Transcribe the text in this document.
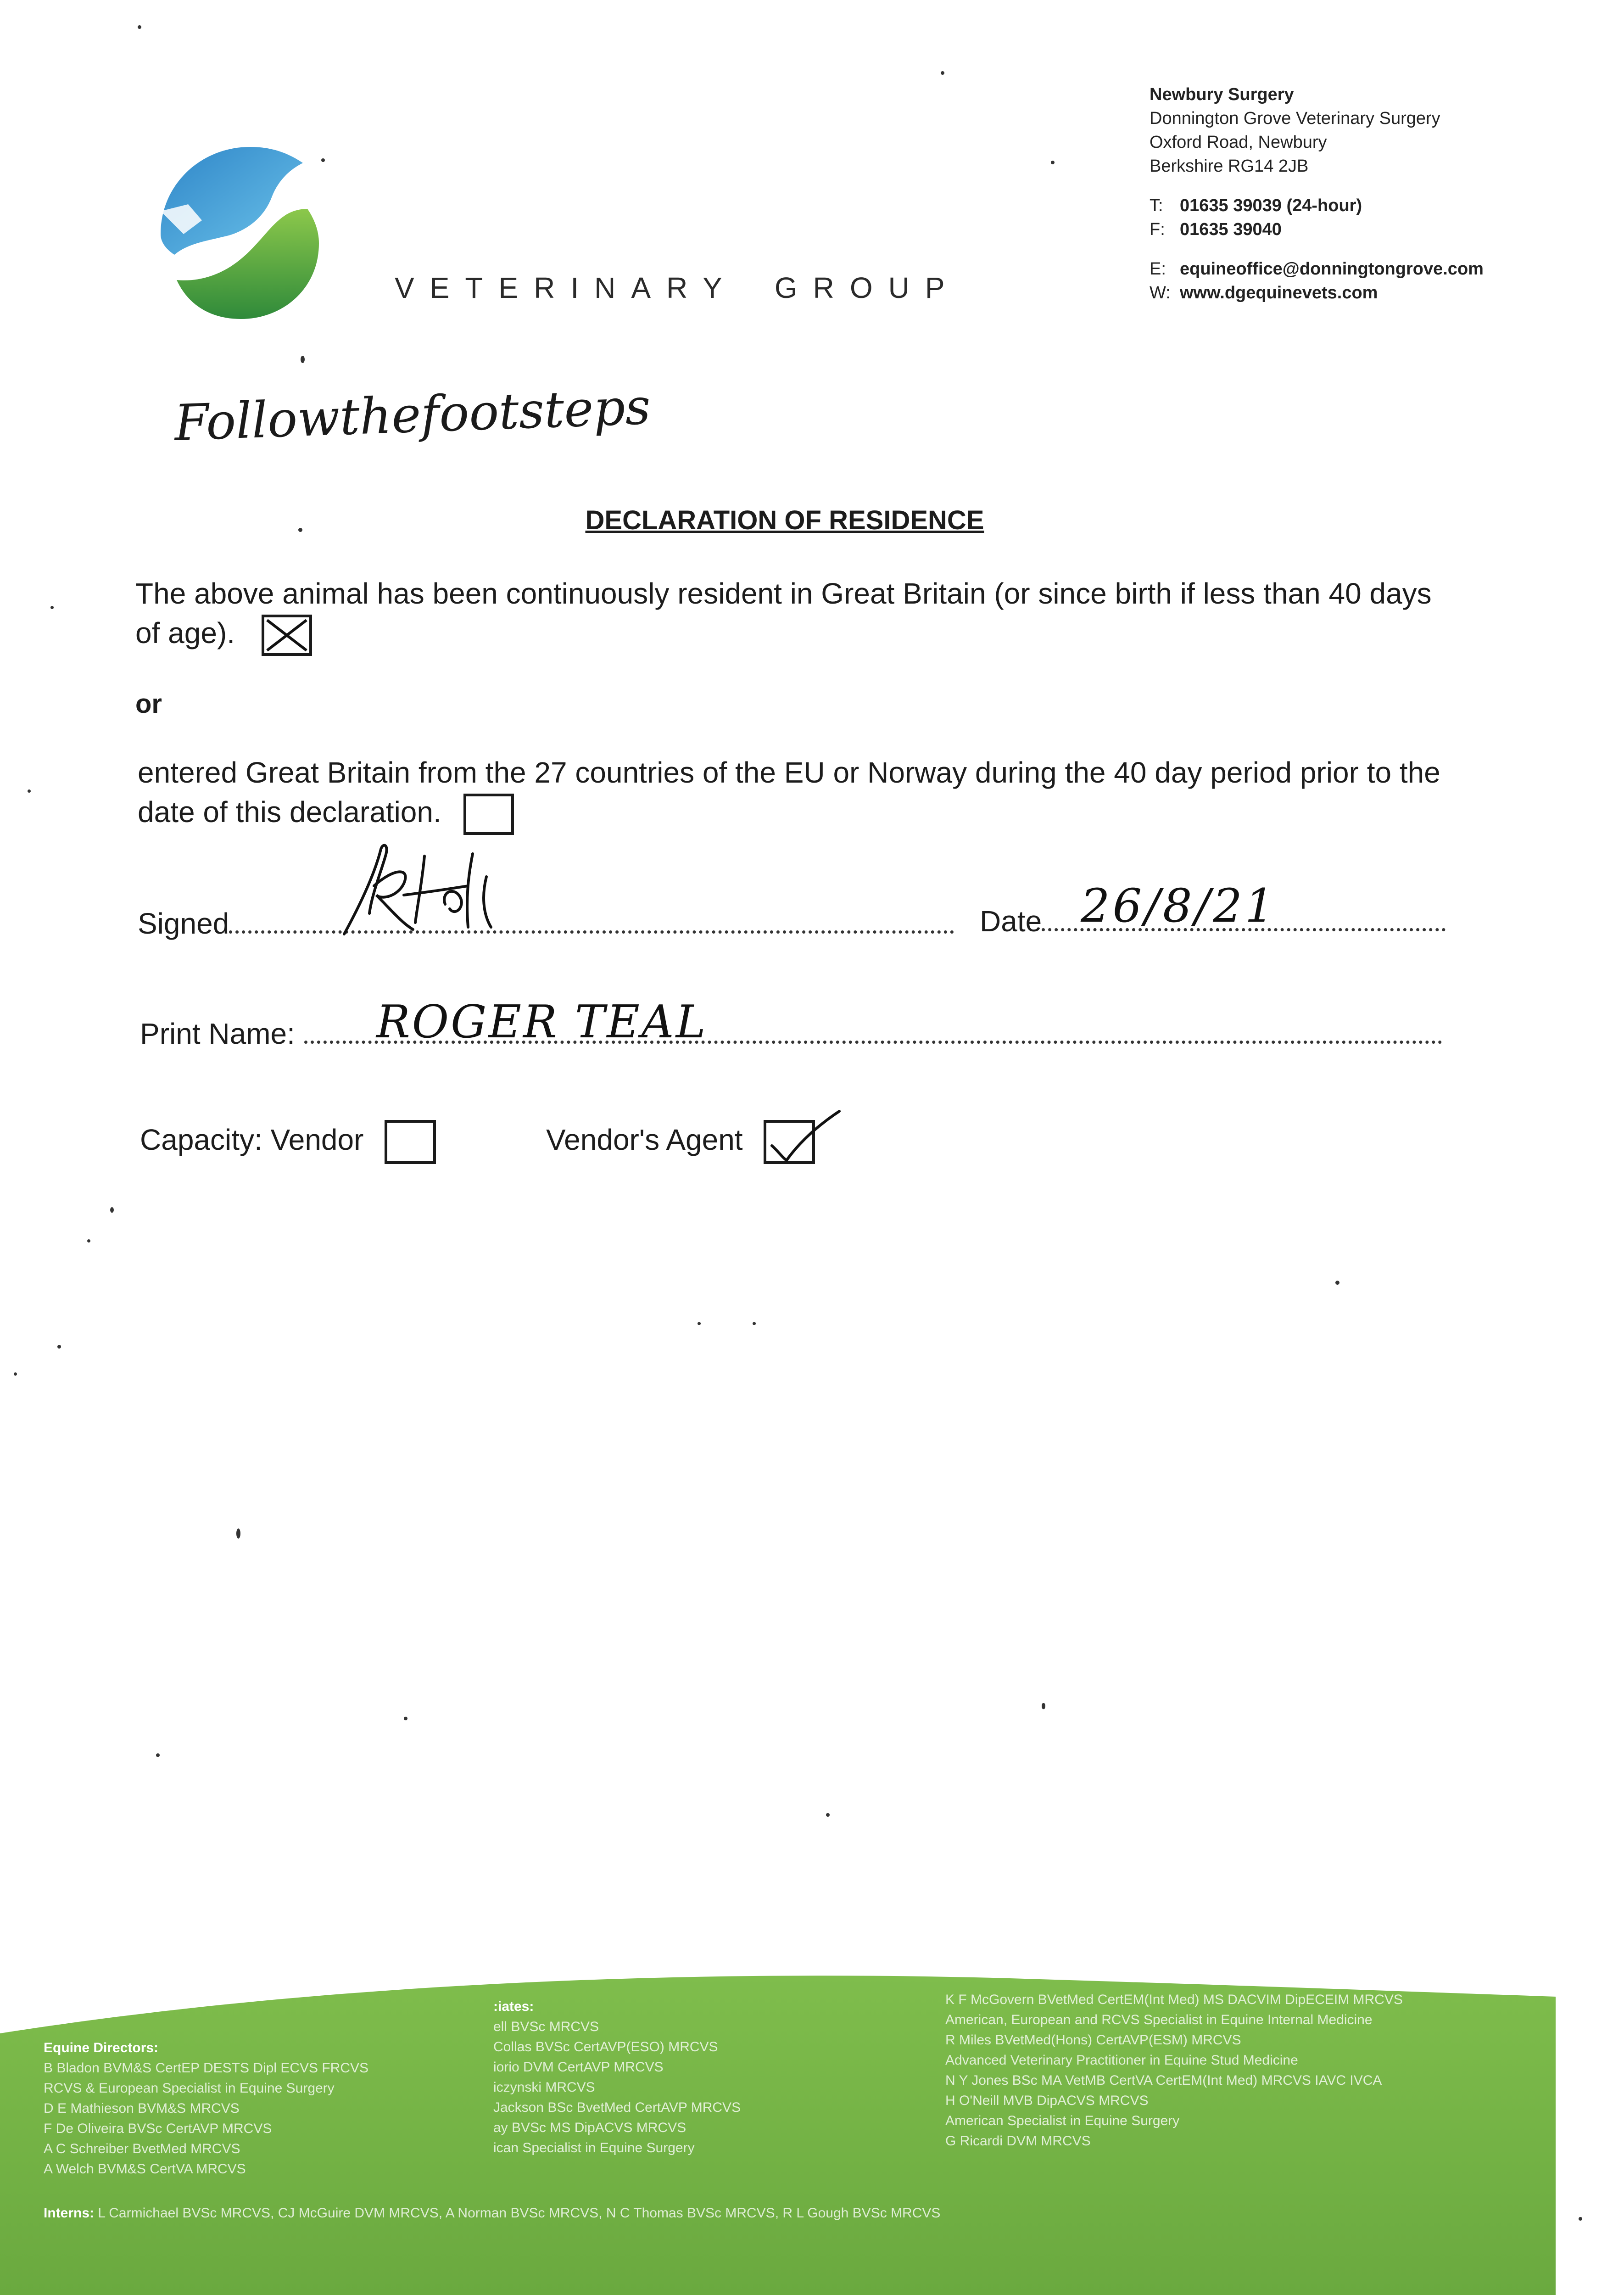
VETERINARY GROUP
Newbury Surgery
Donnington Grove Veterinary Surgery
Oxford Road, Newbury
Berkshire RG14 2JB
T: 01635 39039 (24-hour)
F: 01635 39040
E: equineoffice@donningtongrove.com
W: www.dgequinevets.com
Followthefootsteps
DECLARATION OF RESIDENCE
The above animal has been continuously resident in Great Britain (or since birth if less than 40 days of age).
or
entered Great Britain from the 27 countries of the EU or Norway during the 40 day period prior to the date of this declaration.
Signed	Date 26/8/21
Print Name:	ROGER TEAL
Capacity: Vendor	Vendor's Agent
Equine Directors:
B Bladon BVM&S CertEP DESTS Dipl ECVS FRCVS
RCVS & European Specialist in Equine Surgery
D E Mathieson BVM&S MRCVS
F De Oliveira BVSc CertAVP MRCVS
A C Schreiber BvetMed MRCVS
A Welch BVM&S CertVA MRCVS
:iates:
ell BVSc MRCVS
Collas BVSc CertAVP(ESO) MRCVS
iorio DVM CertAVP MRCVS
iczynski MRCVS
Jackson BSc BvetMed CertAVP MRCVS
ay BVSc MS DipACVS MRCVS
ican Specialist in Equine Surgery
K F McGovern BVetMed CertEM(Int Med) MS DACVIM DipECEIM MRCVS
American, European and RCVS Specialist in Equine Internal Medicine
R Miles BVetMed(Hons) CertAVP(ESM) MRCVS
Advanced Veterinary Practitioner in Equine Stud Medicine
N Y Jones BSc MA VetMB CertVA CertEM(Int Med) MRCVS IAVC IVCA
H O'Neill MVB DipACVS MRCVS
American Specialist in Equine Surgery
G Ricardi DVM MRCVS
Interns: L Carmichael BVSc MRCVS, CJ McGuire DVM MRCVS, A Norman BVSc MRCVS, N C Thomas BVSc MRCVS, R L Gough BVSc MRCVS
